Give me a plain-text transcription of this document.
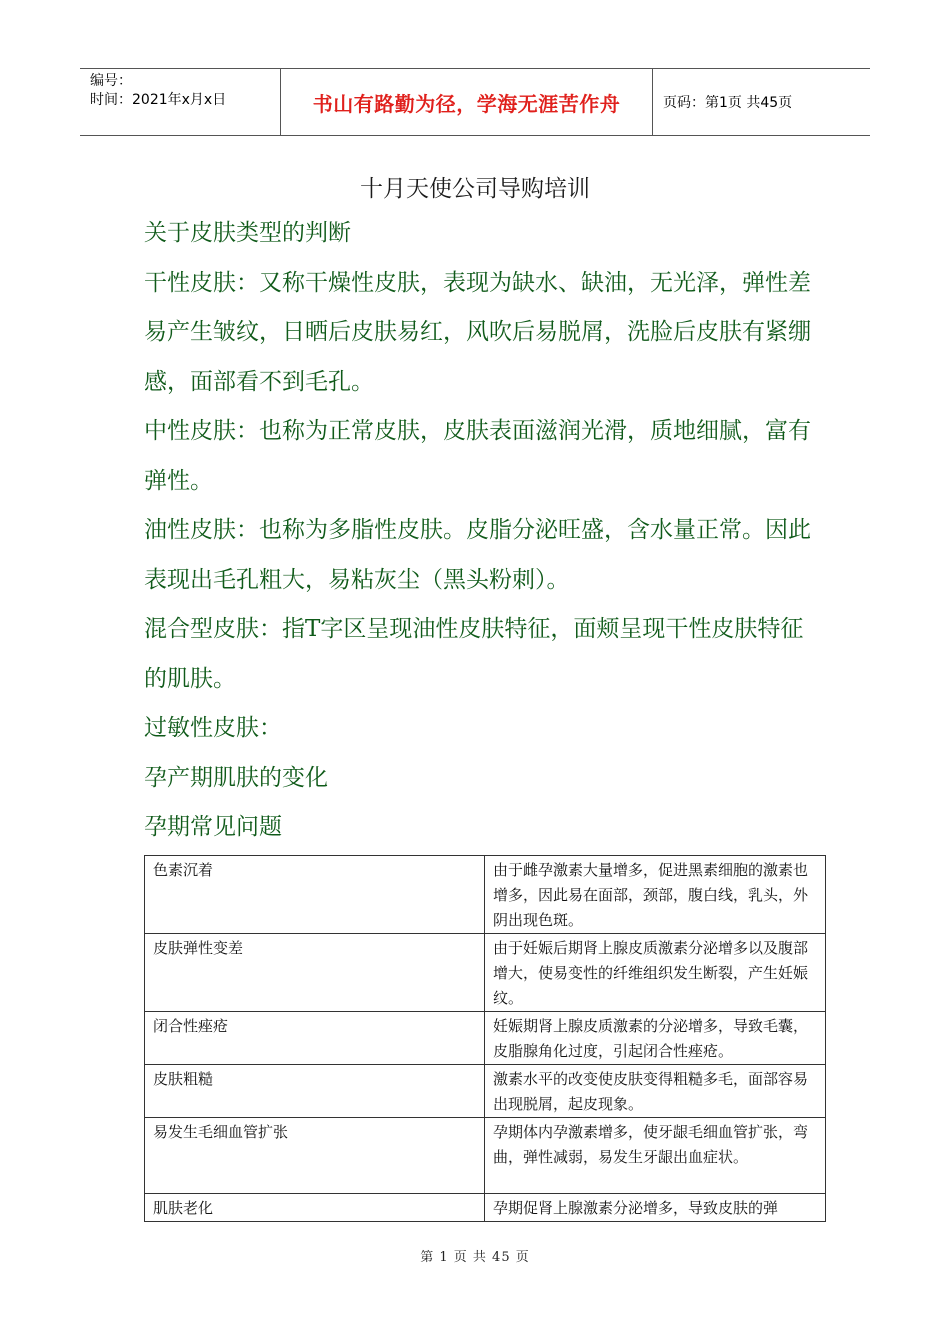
编号：
时间：2021年x月x日	书山有路勤为径，学海无涯苦作舟	页码：第1页 共45页
十月天使公司导购培训

关于皮肤类型的判断

干性皮肤：又称干燥性皮肤，表现为缺水、缺油，无光泽，弹性差易产生皱纹，日晒后皮肤易红，风吹后易脱屑，洗脸后皮肤有紧绷感，面部看不到毛孔。

中性皮肤：也称为正常皮肤，皮肤表面滋润光滑，质地细腻，富有弹性。

油性皮肤：也称为多脂性皮肤。皮脂分泌旺盛，含水量正常。因此表现出毛孔粗大，易粘灰尘（黑头粉刺）。

混合型皮肤：指T字区呈现油性皮肤特征，面颊呈现干性皮肤特征的肌肤。

过敏性皮肤：

孕产期肌肤的变化

孕期常见问题

色素沉着	由于雌孕激素大量增多，促进黑素细胞的激素也增多，因此易在面部，颈部，腹白线，乳头，外阴出现色斑。
皮肤弹性变差	由于妊娠后期肾上腺皮质激素分泌增多以及腹部增大，使易变性的纤维组织发生断裂，产生妊娠纹。
闭合性痤疮	妊娠期肾上腺皮质激素的分泌增多，导致毛囊，皮脂腺角化过度，引起闭合性痤疮。
皮肤粗糙	激素水平的改变使皮肤变得粗糙多毛，面部容易出现脱屑，起皮现象。
易发生毛细血管扩张	孕期体内孕激素增多，使牙龈毛细血管扩张，弯曲，弹性减弱，易发生牙龈出血症状。
肌肤老化	孕期促肾上腺激素分泌增多，导致皮肤的弹
第 1 页 共 45 页
